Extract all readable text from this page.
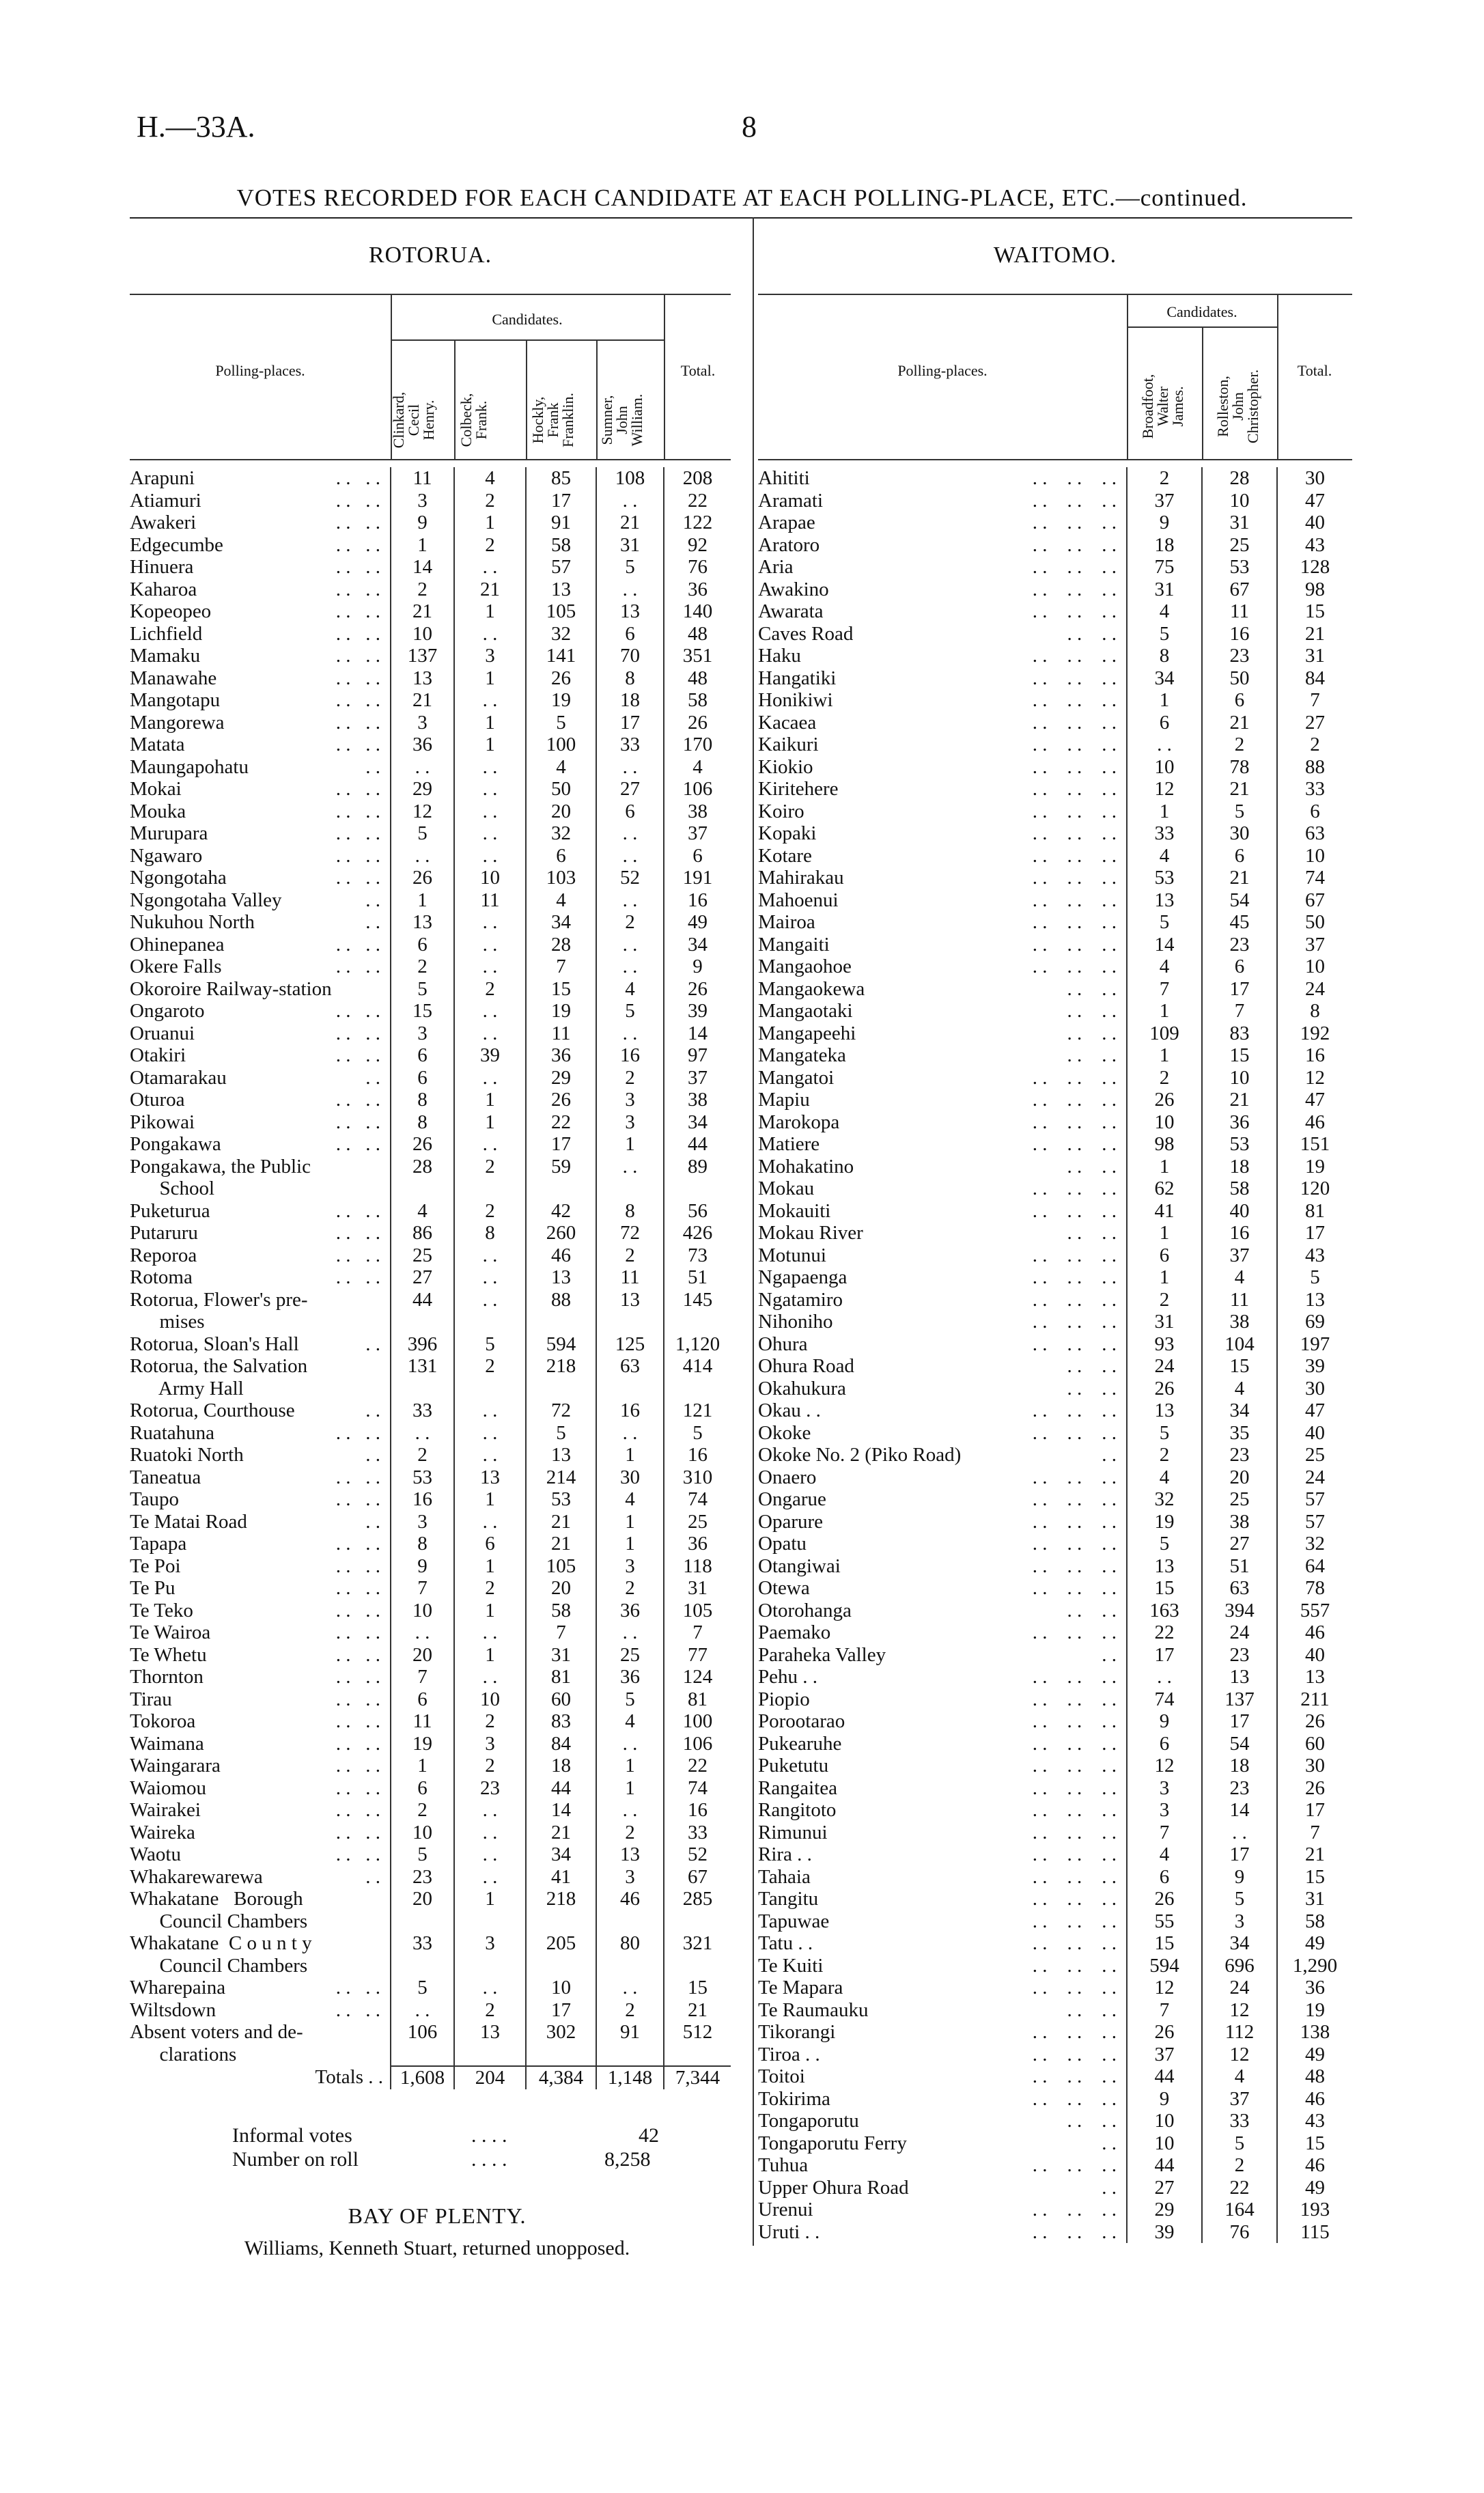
H.—33A.	8
VOTES RECORDED FOR EACH CANDIDATE AT EACH POLLING-PLACE, ETC.—continued.
ROTORUA.
Polling-places.
Candidates.
Total.
Clinkard,
Cecil
Henry.	Colbeck,
Frank.	Hockly,
Frank
Franklin.	Sumner,
John
William.
Arapuni . .   . .	11	4	85	108	208
Atiamuri . .   . .	3	2	17	. .	22
Awakeri . .   . .	9	1	91	21	122
Edgecumbe . .   . .	1	2	58	31	92
Hinuera . .   . .	14	. .	57	5	76
Kaharoa . .   . .	2	21	13	. .	36
Kopeopeo . .   . .	21	1	105	13	140
Lichfield . .   . .	10	. .	32	6	48
Mamaku . .   . .	137	3	141	70	351
Manawahe . .   . .	13	1	26	8	48
Mangotapu . .   . .	21	. .	19	18	58
Mangorewa . .   . .	3	1	5	17	26
Matata . .   . .	36	1	100	33	170
Maungapohatu . .	. .	. .	4	. .	4
Mokai . .   . .	29	. .	50	27	106
Mouka . .   . .	12	. .	20	6	38
Murupara . .   . .	5	. .	32	. .	37
Ngawaro . .   . .	. .	. .	6	. .	6
Ngongotaha . .   . .	26	10	103	52	191
Ngongotaha Valley . .	1	11	4	. .	16
Nukuhou North . .	13	. .	34	2	49
Ohinepanea . .   . .	6	. .	28	. .	34
Okere Falls . .   . .	2	. .	7	. .	9
Okoroire Railway-station	5	2	15	4	26
Ongaroto . .   . .	15	. .	19	5	39
Oruanui . .   . .	3	. .	11	. .	14
Otakiri . .   . .	6	39	36	16	97
Otamarakau . .	6	. .	29	2	37
Oturoa . .   . .	8	1	26	3	38
Pikowai . .   . .	8	1	22	3	34
Pongakawa . .   . .	26	. .	17	1	44
Pongakawa, the Public	28	2	59	. .	89
School

Puketurua . .   . .	4	2	42	8	56
Putaruru . .   . .	86	8	260	72	426
Reporoa . .   . .	25	. .	46	2	73
Rotoma . .   . .	27	. .	13	11	51
Rotorua, Flower's pre-	44	. .	88	13	145
mises

Rotorua, Sloan's Hall . .	396	5	594	125	1,120
Rotorua, the Salvation	131	2	218	63	414
Army Hall

Rotorua, Courthouse . .	33	. .	72	16	121
Ruatahuna . .   . .	. .	. .	5	. .	5
Ruatoki North . .	2	. .	13	1	16
Taneatua . .   . .	53	13	214	30	310
Taupo . .   . .	16	1	53	4	74
Te Matai Road . .	3	. .	21	1	25
Tapapa . .   . .	8	6	21	1	36
Te Poi . .   . .	9	1	105	3	118
Te Pu . .   . .	7	2	20	2	31
Te Teko . .   . .	10	1	58	36	105
Te Wairoa . .   . .	. .	. .	7	. .	7
Te Whetu . .   . .	20	1	31	25	77
Thornton . .   . .	7	. .	81	36	124
Tirau . .   . .	6	10	60	5	81
Tokoroa . .   . .	11	2	83	4	100
Waimana . .   . .	19	3	84	. .	106
Waingarara . .   . .	1	2	18	1	22
Waiomou . .   . .	6	23	44	1	74
Wairakei . .   . .	2	. .	14	. .	16
Waireka . .   . .	10	. .	21	2	33
Waotu . .   . .	5	. .	34	13	52
Whakarewarewa . .	23	. .	41	3	67
Whakatane   Borough	20	1	218	46	285
Council Chambers

Whakatane  C o u n t y	33	3	205	80	321
Council Chambers

Wharepaina . .   . .	5	. .	10	. .	15
Wiltsdown . .   . .	. .	2	17	2	21
Absent voters and de-	106	13	302	91	512
clarations

Totals . .	1,608	204	4,384	1,148	7,344
Informal votes	. . . .	42
Number on roll	. . . .	8,258
BAY OF PLENTY.
Williams, Kenneth Stuart, returned unopposed.
WAITOMO.
Polling-places.
Candidates.
Total.
Broadfoot,
Walter
James.	Rolleston,
John
Christopher.
Ahititi . .    . .    . .	2	28	30
Aramati . .    . .    . .	37	10	47
Arapae . .    . .    . .	9	31	40
Aratoro . .    . .    . .	18	25	43
Aria . .    . .    . .	75	53	128
Awakino . .    . .    . .	31	67	98
Awarata . .    . .    . .	4	11	15
Caves Road . .    . .	5	16	21
Haku . .    . .    . .	8	23	31
Hangatiki . .    . .    . .	34	50	84
Honikiwi . .    . .    . .	1	6	7
Kacaea . .    . .    . .	6	21	27
Kaikuri . .    . .    . .	. .	2	2
Kiokio . .    . .    . .	10	78	88
Kiritehere . .    . .    . .	12	21	33
Koiro . .    . .    . .	1	5	6
Kopaki . .    . .    . .	33	30	63
Kotare . .    . .    . .	4	6	10
Mahirakau . .    . .    . .	53	21	74
Mahoenui . .    . .    . .	13	54	67
Mairoa . .    . .    . .	5	45	50
Mangaiti . .    . .    . .	14	23	37
Mangaohoe . .    . .    . .	4	6	10
Mangaokewa . .    . .	7	17	24
Mangaotaki . .    . .	1	7	8
Mangapeehi . .    . .	109	83	192
Mangateka . .    . .	1	15	16
Mangatoi . .    . .    . .	2	10	12
Mapiu . .    . .    . .	26	21	47
Marokopa . .    . .    . .	10	36	46
Matiere . .    . .    . .	98	53	151
Mohakatino . .    . .	1	18	19
Mokau . .    . .    . .	62	58	120
Mokauiti . .    . .    . .	41	40	81
Mokau River . .    . .	1	16	17
Motunui . .    . .    . .	6	37	43
Ngapaenga . .    . .    . .	1	4	5
Ngatamiro . .    . .    . .	2	11	13
Nihoniho . .    . .    . .	31	38	69
Ohura . .    . .    . .	93	104	197
Ohura Road . .    . .	24	15	39
Okahukura . .    . .	26	4	30
Okau . . . .    . .    . .	13	34	47
Okoke . .    . .    . .	5	35	40
Okoke No. 2 (Piko Road) . .	2	23	25
Onaero . .    . .    . .	4	20	24
Ongarue . .    . .    . .	32	25	57
Oparure . .    . .    . .	19	38	57
Opatu . .    . .    . .	5	27	32
Otangiwai . .    . .    . .	13	51	64
Otewa . .    . .    . .	15	63	78
Otorohanga . .    . .	163	394	557
Paemako . .    . .    . .	22	24	46
Paraheka Valley . .	17	23	40
Pehu . . . .    . .    . .	. .	13	13
Piopio . .    . .    . .	74	137	211
Porootarao . .    . .    . .	9	17	26
Pukearuhe . .    . .    . .	6	54	60
Puketutu . .    . .    . .	12	18	30
Rangaitea . .    . .    . .	3	23	26
Rangitoto . .    . .    . .	3	14	17
Rimunui . .    . .    . .	7	. .	7
Rira . . . .    . .    . .	4	17	21
Tahaia . .    . .    . .	6	9	15
Tangitu . .    . .    . .	26	5	31
Tapuwae . .    . .    . .	55	3	58
Tatu . . . .    . .    . .	15	34	49
Te Kuiti . .    . .    . .	594	696	1,290
Te Mapara . .    . .    . .	12	24	36
Te Raumauku . .    . .	7	12	19
Tikorangi . .    . .    . .	26	112	138
Tiroa . . . .    . .    . .	37	12	49
Toitoi . .    . .    . .	44	4	48
Tokirima . .    . .    . .	9	37	46
Tongaporutu . .    . .	10	33	43
Tongaporutu Ferry . .	10	5	15
Tuhua . .    . .    . .	44	2	46
Upper Ohura Road . .	27	22	49
Urenui . .    . .    . .	29	164	193
Uruti . . . .    . .    . .	39	76	115
